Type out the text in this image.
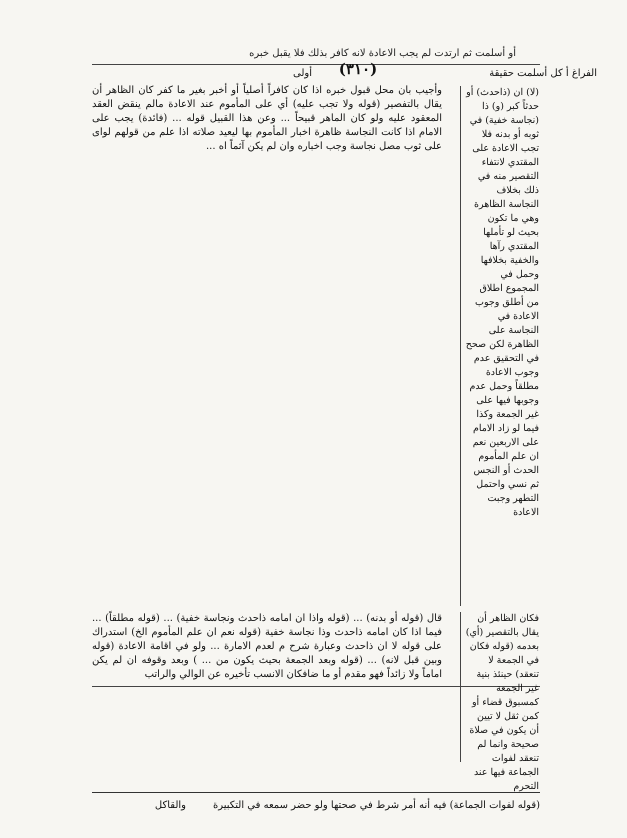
أو أسلمت ثم ارتدت لم يجب الاعادة لانه كافر بذلك فلا يقبل خبره
الفراغ أ كل أسلمت حقيقة
(٣١٠)
أولى
وأجيب بان محل قبول خبره اذا كان كافراً أصلياً أو أخبر بغير ما كفر كان الظاهر أن يقال بالتفصير (قوله ولا تجب عليه) أي على المأموم عند الاعادة مالم ينقض العقد المعقود عليه ولو كان الماهر قبيحاً ... وعن هذا القبيل قوله ... (فائدة) يجب على الامام اذا كانت النجاسة ظاهرة اخبار المأموم بها ليعيد صلاته اذا علم من قولهم لواى على ثوب مصل نجاسة وجب اخباره وان لم يكن آثماً اه ...
(لا) ان (ذاحدث) أو حدثاً كبر (و) ذا (نجاسة خفية) في ثوبه أو بدنه فلا تجب الاعادة على المقتدي لانتفاء التقصير منه في ذلك بخلاف النجاسة الظاهرة وهي ما تكون بحيث لو تأملها المقتدي رآها والخفية بخلافها وحمل في المجموع اطلاق من أطلق وجوب الاعادة في النجاسة على الظاهرة لكن صحح في التحقيق عدم وجوب الاعادة مطلقاً وحمل عدم وجوبها فيها على غير الجمعة وكذا فيما لو زاد الامام على الاربعين نعم ان علم المأموم الحدث أو النجس ثم نسي واحتمل التطهر وجبت الاعادة
قال (قوله أو بدنه) ... (قوله واذا ان امامه ذاحدث ونجاسة خفية) ... (قوله مطلقاً) ... فيما اذا كان امامه ذاحدث وذا نجاسة خفية (قوله نعم ان علم المأموم الخ) استدراك على قوله لا ان ذاحدث وعبارة شرح م لعدم الامارة ... ولو في اقامة الاعادة (قوله وبين قبل لانه) ... (قوله وبعد الجمعة بحيث يكون من ... ) وبعد وقوفه ان لم يكن اماماً ولا زائداً فهو مقدم أو ما ضافكان الانسب تأخيره عن الوالي والراتب
فكان الظاهر أن يقال بالتقصير (أي) بعدمه (قوله فكان في الجمعة لا تنعقد) حينئذ بنية غير الجمعة كمسبوق قضاء أو كمن ثقل لا تيين أن يكون في صلاة صحيحة وانما لم تنعقد لفوات الجماعة فيها عند التحرم
والقاكل	(قوله لفوات الجماعة) فيه أنه أمر شرط في صحتها ولو حضر سمعه في التكبيرة
